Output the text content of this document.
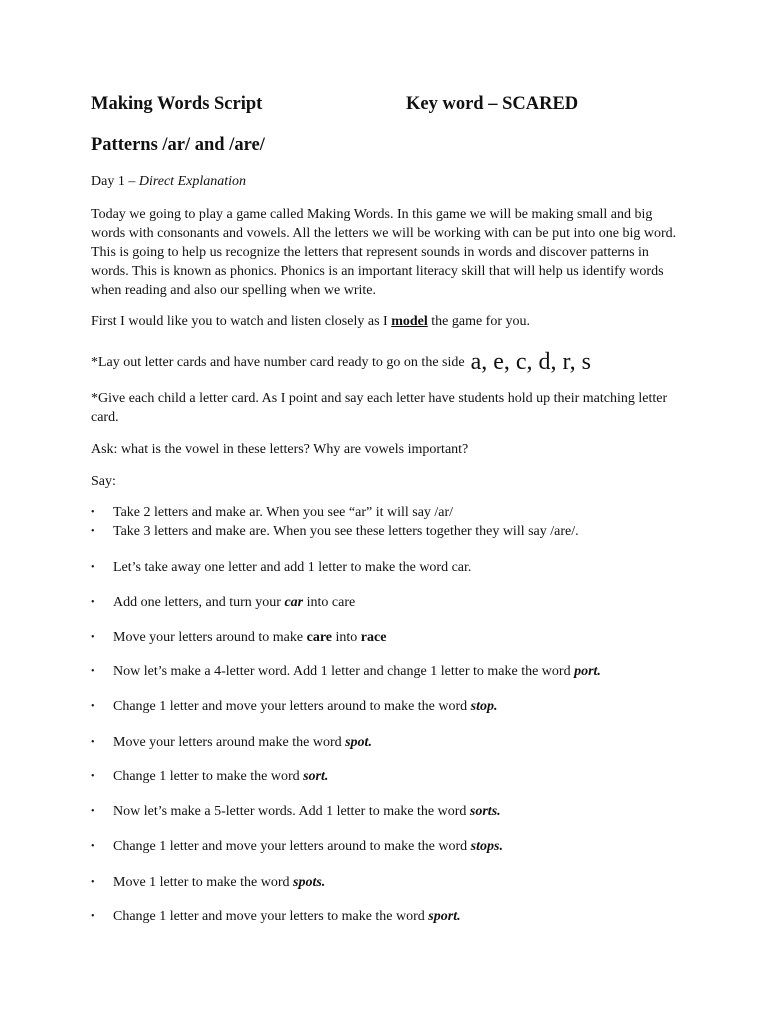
Making Words Script	Key word – SCARED
Patterns /ar/ and /are/
Day 1 – Direct Explanation
Today we going to play a game called Making Words. In this game we will be making small and big words with consonants and vowels. All the letters we will be working with can be put into one big word. This is going to help us recognize the letters that represent sounds in words and discover patterns in words. This is known as phonics. Phonics is an important literacy skill that will help us identify words when reading and also our spelling when we write.
First I would like you to watch and listen closely as I model the game for you.
*Lay out letter cards and have number card ready to go on the side a, e, c, d, r, s
*Give each child a letter card. As I point and say each letter have students hold up their matching letter card.
Ask: what is the vowel in these letters? Why are vowels important?
Say:
• Take 2 letters and make ar. When you see “ar” it will say /ar/
• Take 3 letters and make are. When you see these letters together they will say /are/.
• Let’s take away one letter and add 1 letter to make the word car.
• Add one letters, and turn your car into care
• Move your letters around to make care into race
• Now let’s make a 4-letter word. Add 1 letter and change 1 letter to make the word port.
• Change 1 letter and move your letters around to make the word stop.
• Move your letters around make the word spot.
• Change 1 letter to make the word sort.
• Now let’s make a 5-letter words. Add 1 letter to make the word sorts.
• Change 1 letter and move your letters around to make the word stops.
• Move 1 letter to make the word spots.
• Change 1 letter and move your letters to make the word sport.
